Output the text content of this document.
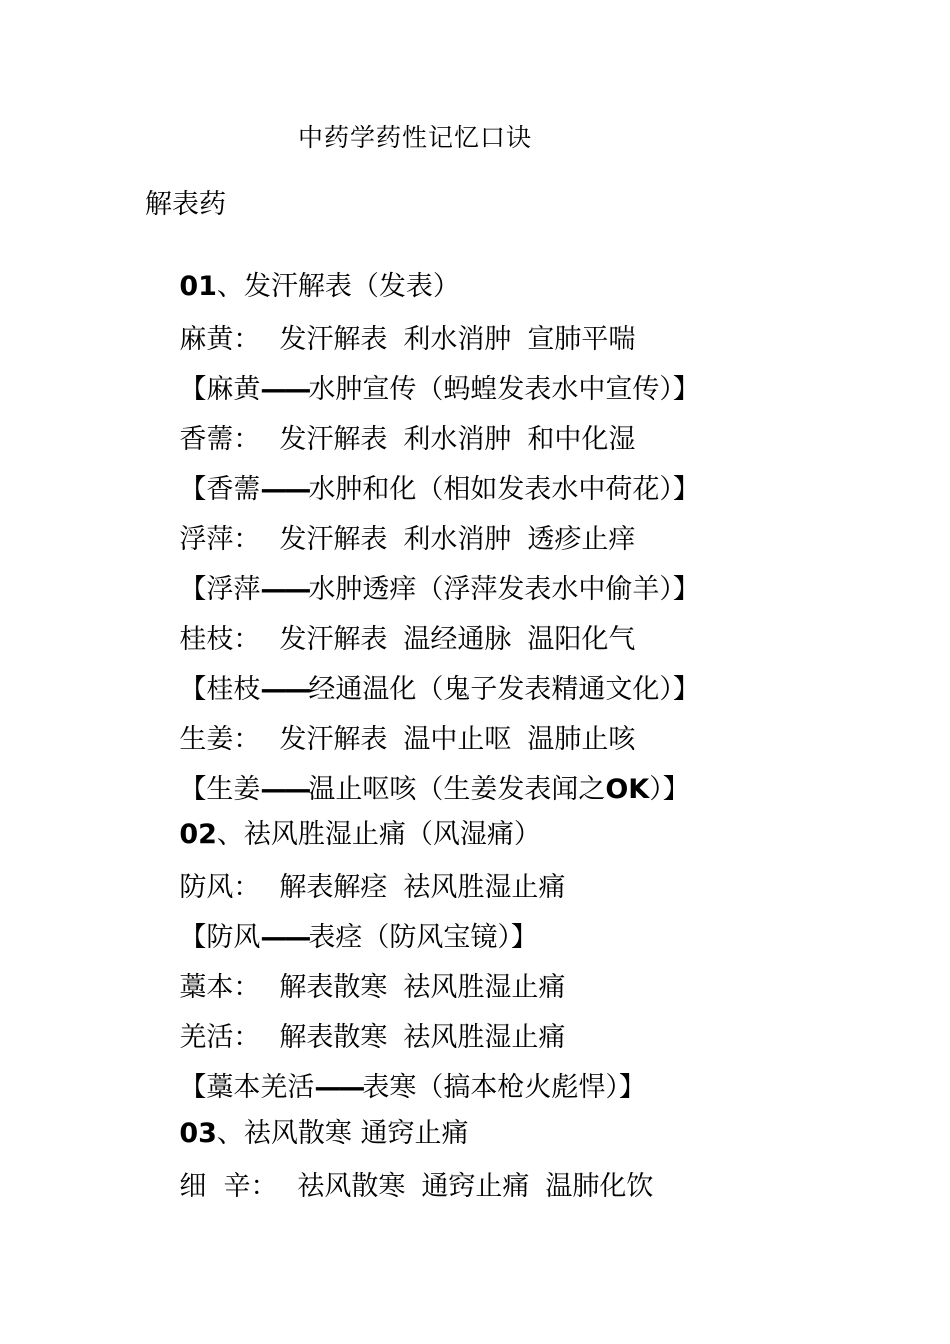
中药学药性记忆口诀
解表药

01、发汗解表（发表）

麻黄： 发汗解表 利水消肿 宣肺平喘

【麻黄——水肿宣传（蚂蝗发表水中宣传）】

香薷： 发汗解表 利水消肿 和中化湿

【香薷——水肿和化（相如发表水中荷花）】

浮萍： 发汗解表 利水消肿 透疹止痒

【浮萍——水肿透痒（浮萍发表水中偷羊）】

桂枝： 发汗解表 温经通脉 温阳化气

【桂枝——经通温化（鬼子发表精通文化）】

生姜： 发汗解表 温中止呕 温肺止咳

【生姜——温止呕咳（生姜发表闻之OK）】

02、祛风胜湿止痛（风湿痛）

防风： 解表解痉 祛风胜湿止痛

【防风——表痉（防风宝镜）】

藁本： 解表散寒 祛风胜湿止痛

羌活： 解表散寒 祛风胜湿止痛

【藁本羌活——表寒（搞本枪火彪悍）】

03、祛风散寒 通窍止痛

细  辛： 祛风散寒 通窍止痛 温肺化饮
